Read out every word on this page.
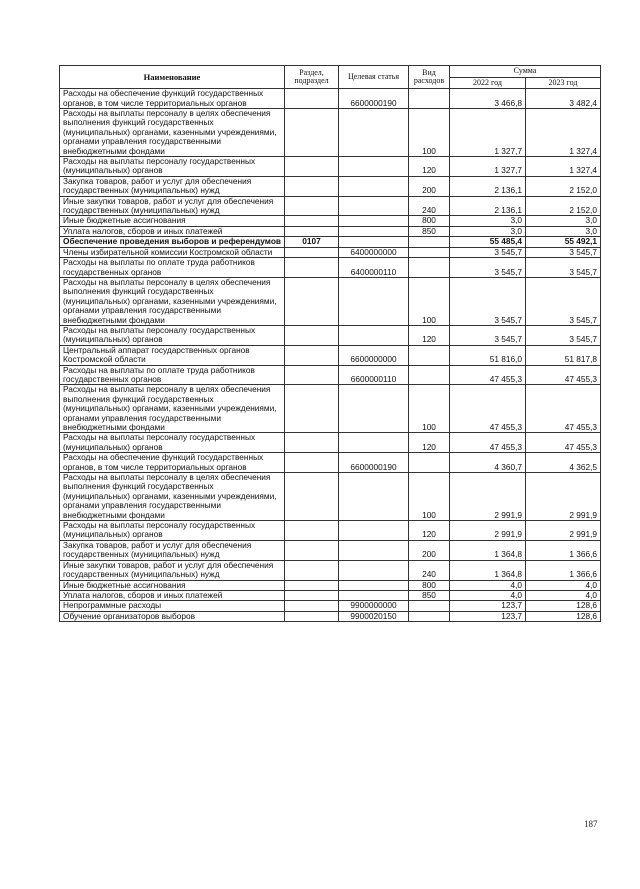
Наименование	Раздел, подраздел	Целевая статья	Вид расходов	Сумма	
				2022 год	2023 год
Расходы на обеспечение функций государственных органов, в том числе территориальных органов		6600000190		3 466,8	3 482,4
Расходы на выплаты персоналу в целях обеспечения выполнения функций государственных (муниципальных) органами, казенными учреждениями, органами управления государственными внебюджетными фондами			100	1 327,7	1 327,4
Расходы на выплаты персоналу государственных (муниципальных) органов			120	1 327,7	1 327,4
Закупка товаров, работ и услуг для обеспечения государственных (муниципальных) нужд			200	2 136,1	2 152,0
Иные закупки товаров, работ и услуг для обеспечения государственных (муниципальных) нужд			240	2 136,1	2 152,0
Иные бюджетные ассигнования			800	3,0	3,0
Уплата налогов, сборов и иных платежей			850	3,0	3,0
Обеспечение проведения выборов и референдумов	0107			55 485,4	55 492,1
Члены избирательной комиссии Костромской области		6400000000		3 545,7	3 545,7
Расходы на выплаты по оплате труда работников государственных органов		6400000110		3 545,7	3 545,7
Расходы на выплаты персоналу в целях обеспечения выполнения функций государственных (муниципальных) органами, казенными учреждениями, органами управления государственными внебюджетными фондами			100	3 545,7	3 545,7
Расходы на выплаты персоналу государственных (муниципальных) органов			120	3 545,7	3 545,7
Центральный аппарат государственных органов Костромской области		6600000000		51 816,0	51 817,8
Расходы на выплаты по оплате труда работников государственных органов		6600000110		47 455,3	47 455,3
Расходы на выплаты персоналу в целях обеспечения выполнения функций государственных (муниципальных) органами, казенными учреждениями, органами управления государственными внебюджетными фондами			100	47 455,3	47 455,3
Расходы на выплаты персоналу государственных (муниципальных) органов			120	47 455,3	47 455,3
Расходы на обеспечение функций государственных органов, в том числе территориальных органов		6600000190		4 360,7	4 362,5
Расходы на выплаты персоналу в целях обеспечения выполнения функций государственных (муниципальных) органами, казенными учреждениями, органами управления государственными внебюджетными фондами			100	2 991,9	2 991,9
Расходы на выплаты персоналу государственных (муниципальных) органов			120	2 991,9	2 991,9
Закупка товаров, работ и услуг для обеспечения государственных (муниципальных) нужд			200	1 364,8	1 366,6
Иные закупки товаров, работ и услуг для обеспечения государственных (муниципальных) нужд			240	1 364,8	1 366,6
Иные бюджетные ассигнования			800	4,0	4,0
Уплата налогов, сборов и иных платежей			850	4,0	4,0
Непрограммные расходы		9900000000		123,7	128,6
Обучение организаторов выборов		9900020150		123,7	128,6
187
